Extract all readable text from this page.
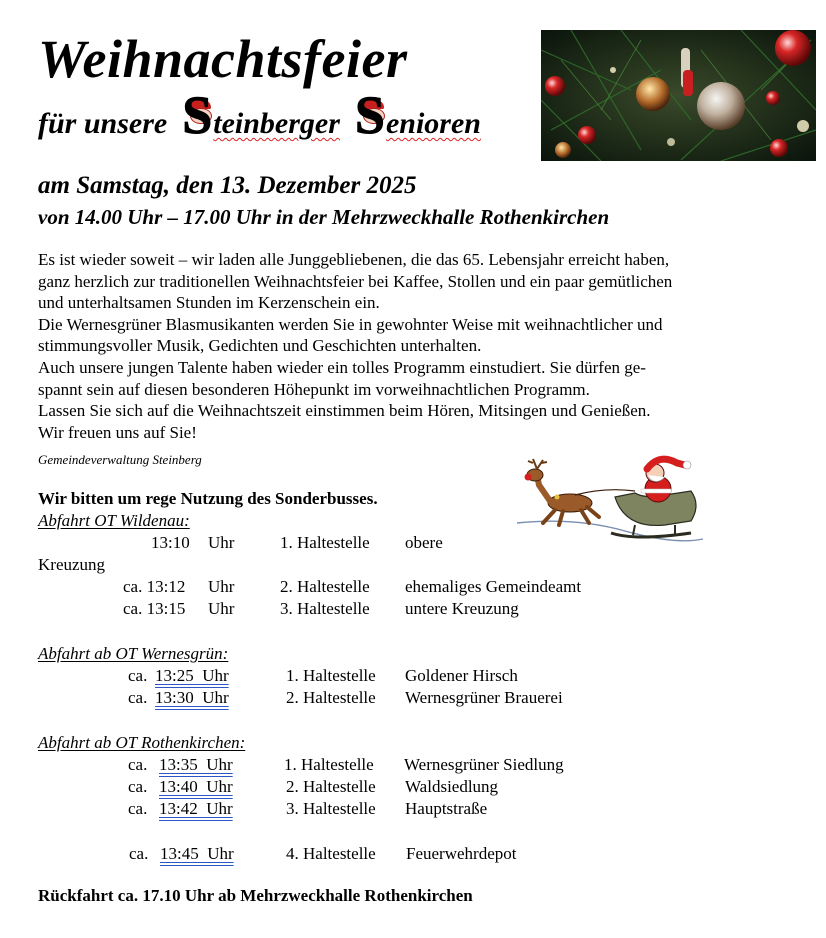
Weihnachtsfeier
für unsere Steinberger Senioren
am Samstag, den 13. Dezember 2025
von 14.00 Uhr – 17.00 Uhr in der Mehrzweckhalle Rothenkirchen
Es ist wieder soweit – wir laden alle Junggebliebenen, die das 65. Lebensjahr erreicht haben,
ganz herzlich zur traditionellen Weihnachtsfeier bei Kaffee, Stollen und ein paar gemütlichen
und unterhaltsamen Stunden im Kerzenschein ein.
Die Wernesgrüner Blasmusikanten werden Sie in gewohnter Weise mit weihnachtlicher und
stimmungsvoller Musik, Gedichten und Geschichten unterhalten.
Auch unsere jungen Talente haben wieder ein tolles Programm einstudiert. Sie dürfen ge-
spannt sein auf diesen besonderen Höhepunkt im vorweihnachtlichen Programm.
Lassen Sie sich auf die Weihnachtszeit einstimmen beim Hören, Mitsingen und Genießen.
Wir freuen uns auf Sie!
Gemeindeverwaltung Steinberg
Wir bitten um rege Nutzung des Sonderbusses.
Abfahrt OT Wildenau:
13:10 Uhr	1. Haltestelle obere
Kreuzung
ca. 13:12 Uhr	2. Haltestelle ehemaliges Gemeindeamt
ca. 13:15 Uhr	3. Haltestelle untere Kreuzung
Abfahrt ab OT Wernesgrün:
ca. 13:25  Uhr	1. Haltestelle Goldener Hirsch
ca. 13:30  Uhr	2. Haltestelle Wernesgrüner Brauerei
Abfahrt ab OT Rothenkirchen:
ca. 13:35  Uhr	1. Haltestelle Wernesgrüner Siedlung
ca. 13:40  Uhr	2. Haltestelle Waldsiedlung
ca. 13:42  Uhr	3. Haltestelle Hauptstraße
ca. 13:45  Uhr	4. Haltestelle Feuerwehrdepot
Rückfahrt ca. 17.10 Uhr ab Mehrzweckhalle Rothenkirchen
